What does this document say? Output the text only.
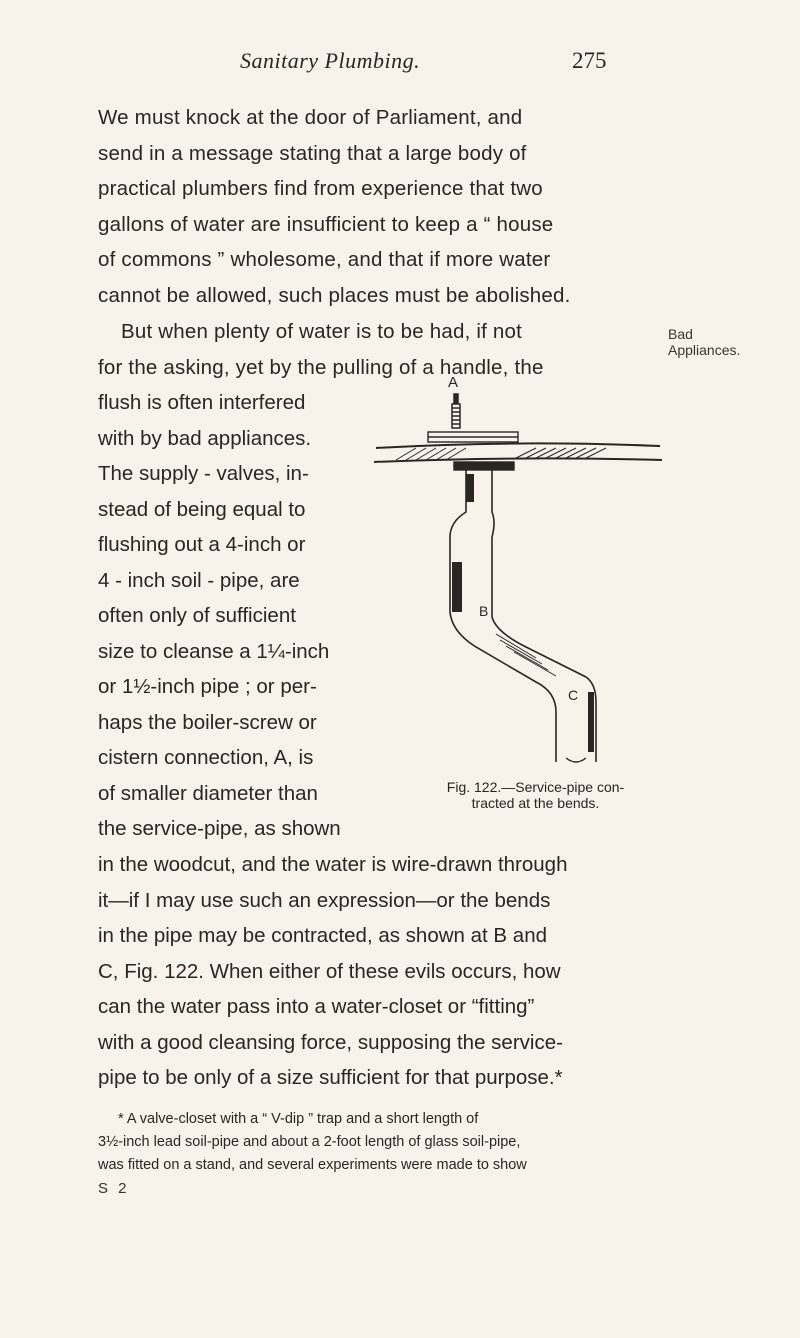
Sanitary Plumbing.	275
We must knock at the door of Parliament, and
send in a message stating that a large body of
practical plumbers find from experience that two
gallons of water are insufficient to keep a “ house
of commons ” wholesome, and that if more water
cannot be allowed, such places must be abolished.
But when plenty of water is to be had, if not
for the asking, yet by the pulling of a handle, the
Bad
Appliances.
flush is often interfered
with by bad appliances.
The supply - valves, in-
stead of being equal to
flushing out a 4-inch or
4 - inch soil - pipe, are
often only of sufficient
size to cleanse a 1¼-inch
or 1½-inch pipe ; or per-
haps the boiler-screw or
cistern connection, A, is
of smaller diameter than
the service-pipe, as shown
A
B
C
Fig. 122.—Service-pipe con-
tracted at the bends.
in the woodcut, and the water is wire-drawn through
it—if I may use such an expression—or the bends
in the pipe may be contracted, as shown at B and
C, Fig. 122. When either of these evils occurs, how
can the water pass into a water-closet or “fitting”
with a good cleansing force, supposing the service-
pipe to be only of a size sufficient for that purpose.*

* A valve-closet with a “ V-dip ” trap and a short length of

3½-inch lead soil-pipe and about a 2-foot length of glass soil-pipe,

was fitted on a stand, and several experiments were made to show

S 2
